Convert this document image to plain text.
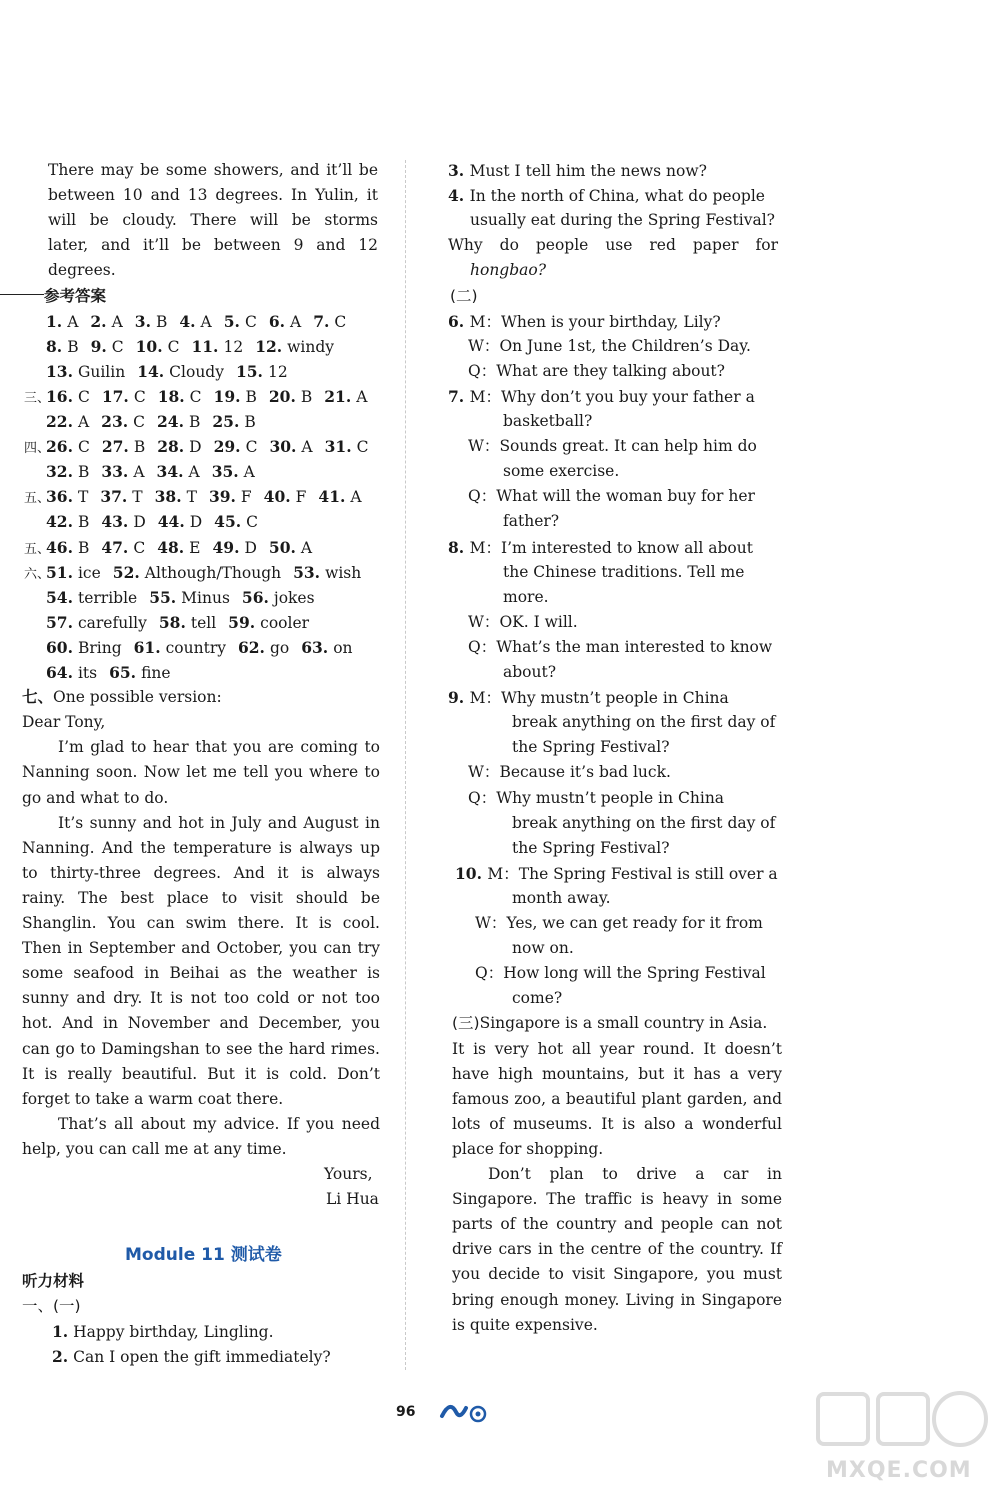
There may be some showers, and it’ll be
between 10 and 13 degrees. In Yulin, it
will be cloudy. There will be storms
later, and it’ll be between 9 and 12
degrees.
参考答案
1. A 2. A 3. B 4. A 5. C 6. A 7. C
8. B 9. C 10. C 11. 12 12. windy
13. Guilin 14. Cloudy 15. 12
三、16. C 17. C 18. C 19. B 20. B 21. A
22. A 23. C 24. B 25. B
四、26. C 27. B 28. D 29. C 30. A 31. C
32. B 33. A 34. A 35. A
五、36. T 37. T 38. T 39. F 40. F 41. A
42. B 43. D 44. D 45. C
五、46. B 47. C 48. E 49. D 50. A
六、51. ice 52. Although/Though 53. wish
54. terrible 55. Minus 56. jokes
57. carefully 58. tell 59. cooler
60. Bring 61. country 62. go 63. on
64. its 65. fine
七、One possible version:
Dear Tony,
I’m glad to hear that you are coming to
Nanning soon. Now let me tell you where to
go and what to do.
It’s sunny and hot in July and August in
Nanning. And the temperature is always up
to thirty-three degrees. And it is always
rainy. The best place to visit should be
Shanglin. You can swim there. It is cool.
Then in September and October, you can try
some seafood in Beihai as the weather is
sunny and dry. It is not too cold or not too
hot. And in November and December, you
can go to Damingshan to see the hard rimes.
It is really beautiful. But it is cold. Don’t
forget to take a warm coat there.
That’s all about my advice. If you need
help, you can call me at any time.
Yours,
Li Hua
听力材料
一、(一)
1. Happy birthday, Lingling.
2. Can I open the gift immediately?
3. Must I tell him the news now?
4. In the north of China, what do people
usually eat during the Spring Festival?
Why do people use red paper for
hongbao?
(二)
6. M：When is your birthday, Lily?
W：On June 1st, the Children’s Day.
Q：What are they talking about?
7. M：Why don’t you buy your father a
basketball?
W：Sounds great. It can help him do
some exercise.
Q：What will the woman buy for her
father?
8. M：I’m interested to know all about
the Chinese traditions. Tell me
more.
W：OK. I will.
Q：What’s the man interested to know
about?
9. M：Why mustn’t people in China
break anything on the first day of
the Spring Festival?
W：Because it’s bad luck.
Q：Why mustn’t people in China
break anything on the first day of
the Spring Festival?
10. M：The Spring Festival is still over a
month away.
W：Yes, we can get ready for it from
now on.
Q：How long will the Spring Festival
come?
(三)Singapore is a small country in Asia.
It is very hot all year round. It doesn’t
have high mountains, but it has a very
famous zoo, a beautiful plant garden, and
lots of museums. It is also a wonderful
place for shopping.
Don’t plan to drive a car in
Singapore. The traffic is heavy in some
parts of the country and people can not
drive cars in the centre of the country. If
you decide to visit Singapore, you must
bring enough money. Living in Singapore
is quite expensive.
Module 11 测试卷
96
MXQE.COM
